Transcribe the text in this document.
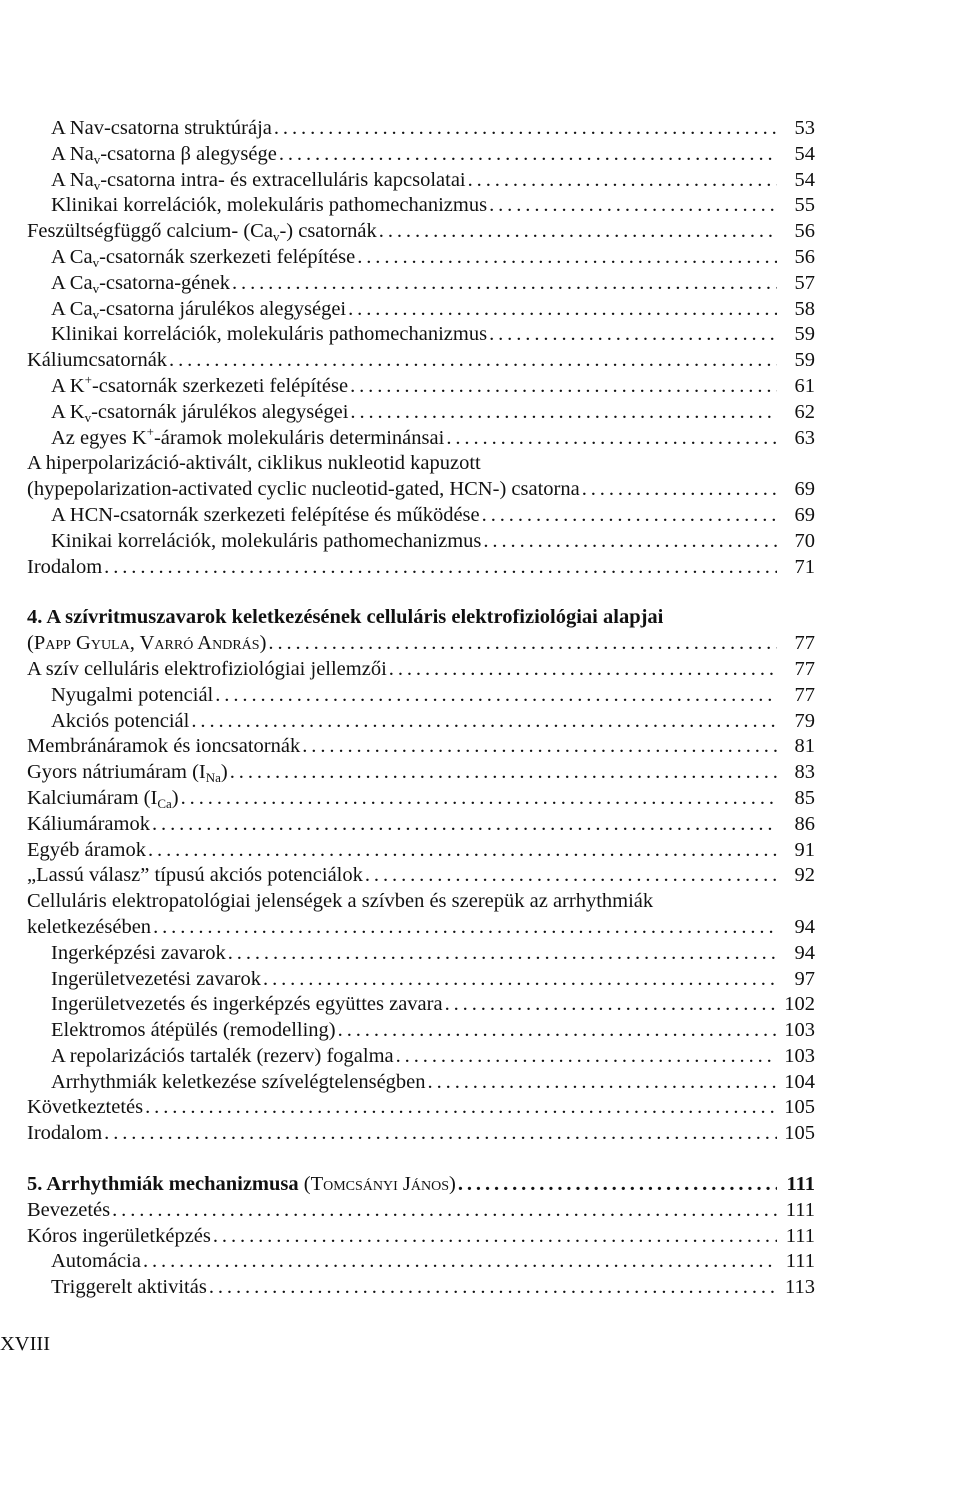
A Nav-csatorna struktúrája . . .	53
A $Na_v$-csatorna β alegysége . . .	54
A $Na_v$-csatorna intra- és extracelluláris kapcsolatai . . .	54
Klinikai korrelációk, molekuláris pathomechanizmus . . .	55
Feszültségfüggő calcium- $(Ca_v-)$ csatornák . . .	56
A $Ca_v$-csatornák szerkezeti felépítése . . .	56
A $Ca_v-csatorna$-gének . . .	57
A $Ca_v$-csatorna járulékos alegységei . . .	58
Klinikai korrelációk, molekuláris pathomechanizmus . . .	59
Káliumcsatornák . . .	59
A K+-csatornák szerkezeti felépítése . . .	61
A $K_v$-csatornák járulékos alegységei . . .	62
Az egyes K+-áramok molekuláris determinánsai . . .	63
A hiperpolarizáció-aktivált, ciklikus nukleotid kapuzott
(hypepolarization-activated cyclic nucleotid-gated, HCN-) csatorna . . .	69
A HCN-csatornák szerkezeti felépítése és működése . . .	69
Kinikai korrelációk, molekuláris pathomechanizmus . . .	70
Irodalom . . .	71
4. A szívritmuszavarok keletkezésének celluláris elektrofiziológiai alapjai
(Papp Gyula, Varró András) . . .	77
A szív celluláris elektrofiziológiai jellemzői . . .	77
Nyugalmi potenciál . . .	77
Akciós potenciál . . .	79
Membránáramok és ioncsatornák . . .	81
Gyors nátriumáram $(I_{Na})$ . . .	83
Kalciumáram $(I_{Ca})$ . . .	85
Káliumáramok . . .	86
Egyéb áramok . . .	91
„Lassú válasz” típusú akciós potenciálok . . .	92
Celluláris elektropatológiai jelenségek a szívben és szerepük az arrhythmiák
keletkezésében . . .	94
Ingerképzési zavarok . . .	94
Ingerületvezetési zavarok . . .	97
Ingerületvezetés és ingerképzés együttes zavara . . .	102
Elektromos átépülés (remodelling) . . .	103
A repolarizációs tartalék (rezerv) fogalma . . .	103
Arrhythmiák keletkezése szívelégtelenségben . . .	104
Következtetés . . .	105
Irodalom . . .	105
5. Arrhythmiák mechanizmusa (Tomcsányi János) . . .	111
Bevezetés . . .	111
Kóros ingerületképzés . . .	111
Automácia . . .	111
Triggerelt aktivitás . . .	113
XVIII
